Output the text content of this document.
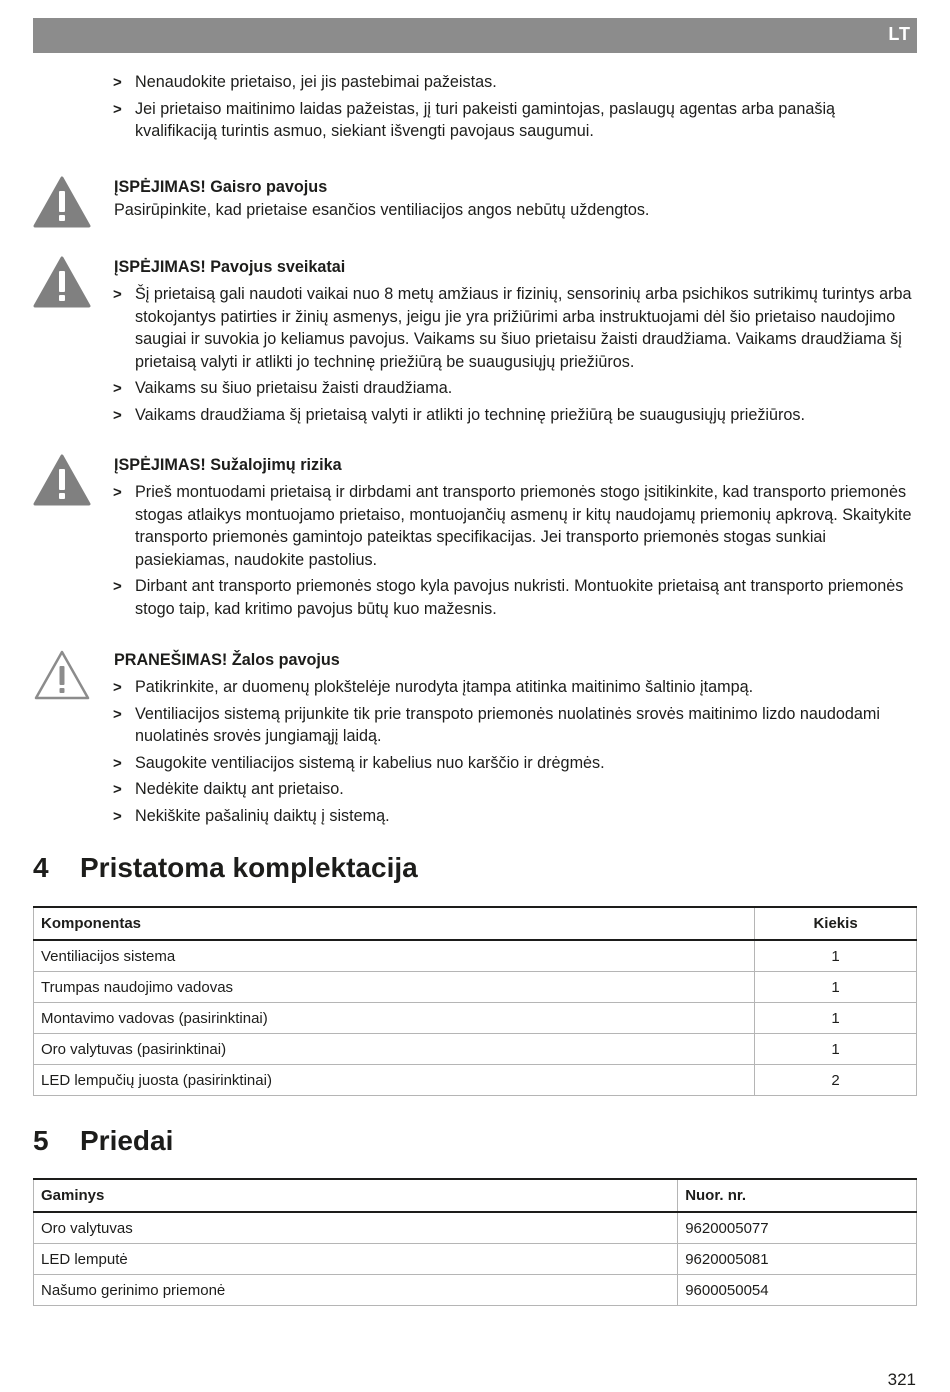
LT
> Nenaudokite prietaiso, jei jis pastebimai pažeistas.
> Jei prietaiso maitinimo laidas pažeistas, jį turi pakeisti gamintojas, paslaugų agentas arba panašią kvalifikaciją turintis asmuo, siekiant išvengti pavojaus saugumui.
ĮSPĖJIMAS! Gaisro pavojus
Pasirūpinkite, kad prietaise esančios ventiliacijos angos nebūtų uždengtos.
ĮSPĖJIMAS! Pavojus sveikatai
> Šį prietaisą gali naudoti vaikai nuo 8 metų amžiaus ir fizinių, sensorinių arba psichikos sutrikimų turintys arba stokojantys patirties ir žinių asmenys, jeigu jie yra prižiūrimi arba instruktuojami dėl šio prietaiso naudojimo saugiai ir suvokia jo keliamus pavojus. Vaikams su šiuo prietaisu žaisti draudžiama. Vaikams draudžiama šį prietaisą valyti ir atlikti jo techninę priežiūrą be suaugusiųjų priežiūros.
> Vaikams su šiuo prietaisu žaisti draudžiama.
> Vaikams draudžiama šį prietaisą valyti ir atlikti jo techninę priežiūrą be suaugusiųjų priežiūros.
ĮSPĖJIMAS! Sužalojimų rizika
> Prieš montuodami prietaisą ir dirbdami ant transporto priemonės stogo įsitikinkite, kad transporto priemonės stogas atlaikys montuojamo prietaiso, montuojančių asmenų ir kitų naudojamų priemonių apkrovą. Skaitykite transporto priemonės gamintojo pateiktas specifikacijas. Jei transporto priemonės stogas sunkiai pasiekiamas, naudokite pastolius.
> Dirbant ant transporto priemonės stogo kyla pavojus nukristi. Montuokite prietaisą ant transporto priemonės stogo taip, kad kritimo pavojus būtų kuo mažesnis.
PRANEŠIMAS! Žalos pavojus
> Patikrinkite, ar duomenų plokštelėje nurodyta įtampa atitinka maitinimo šaltinio įtampą.
> Ventiliacijos sistemą prijunkite tik prie transpoto priemonės nuolatinės srovės maitinimo lizdo naudodami nuolatinės srovės jungiamąjį laidą.
> Saugokite ventiliacijos sistemą ir kabelius nuo karščio ir drėgmės.
> Nedėkite daiktų ant prietaiso.
> Nekiškite pašalinių daiktų į sistemą.
4 Pristatoma komplektacija
Komponentas	Kiekis
Ventiliacijos sistema	1
Trumpas naudojimo vadovas	1
Montavimo vadovas (pasirinktinai)	1
Oro valytuvas (pasirinktinai)	1
LED lempučių juosta (pasirinktinai)	2
5 Priedai
Gaminys	Nuor. nr.
Oro valytuvas	9620005077
LED lemputė	9620005081
Našumo gerinimo priemonė	9600050054
321
